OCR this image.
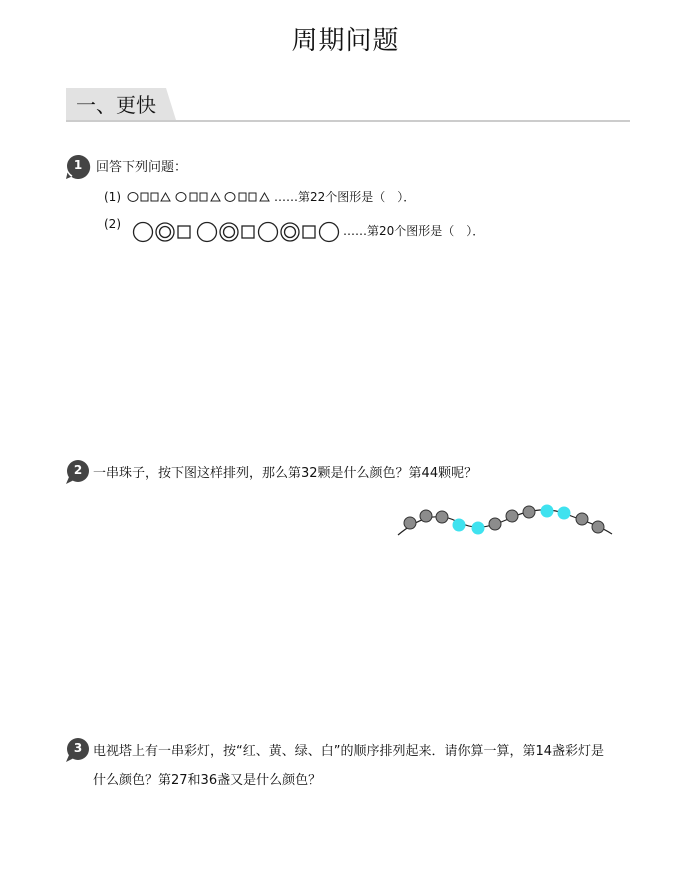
周期问题
一、更快
1	回答下列问题：
(1)	……第22个图形是（　）．
(2)	……第20个图形是（　）．
2 一串珠子，按下图这样排列，那么第32颗是什么颜色？第44颗呢？
3 电视塔上有一串彩灯，按“红、黄、绿、白”的顺序排列起来．请你算一算，第14盏彩灯是
什么颜色？第27和36盏又是什么颜色？
